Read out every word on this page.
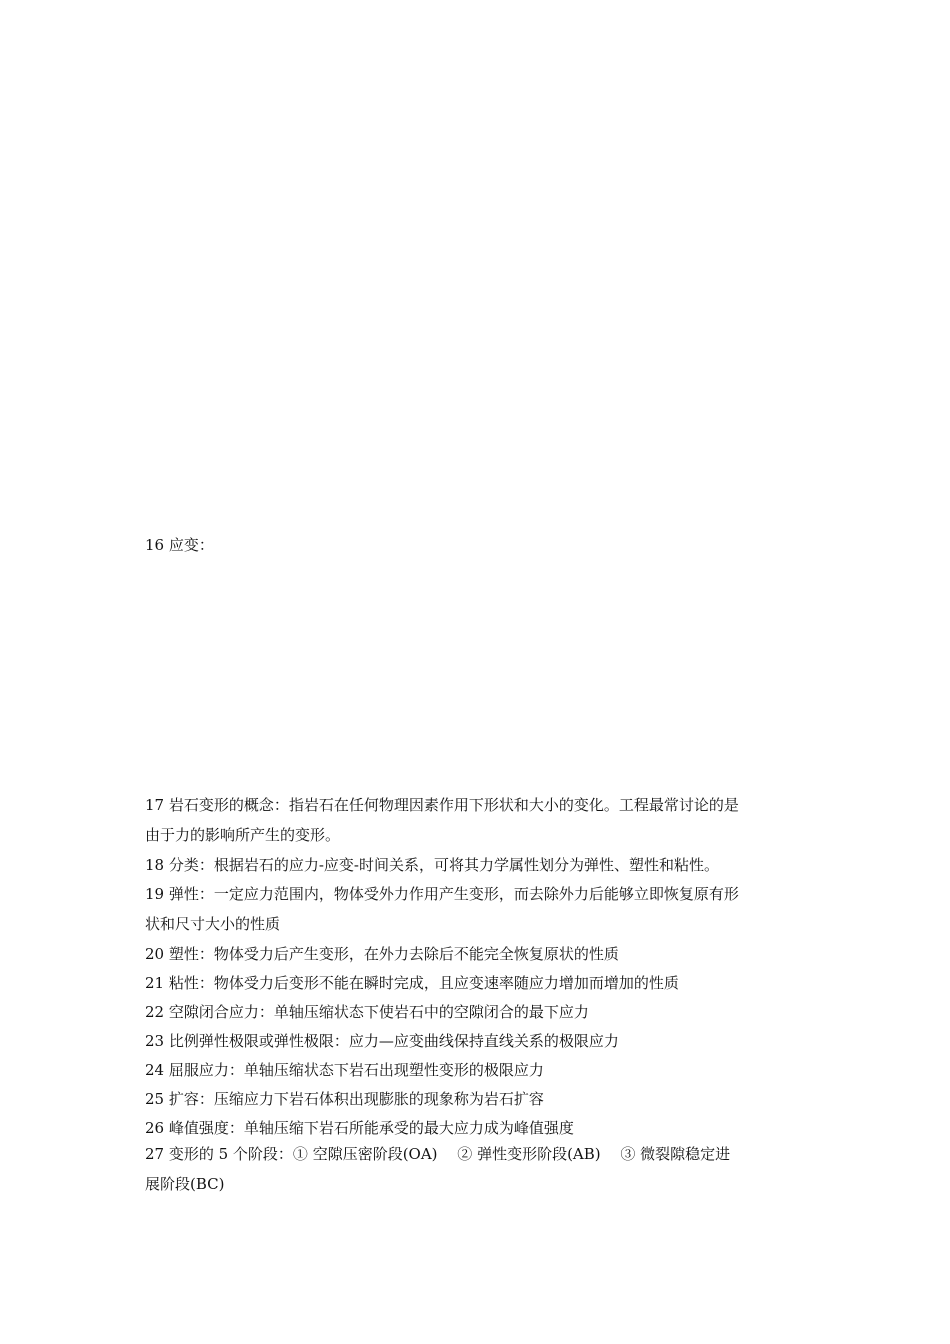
16 应变：
17 岩石变形的概念：指岩石在任何物理因素作用下形状和大小的变化。工程最常讨论的是
由于力的影响所产生的变形。
18 分类：根据岩石的应力-应变-时间关系，可将其力学属性划分为弹性、塑性和粘性。
19 弹性：一定应力范围内，物体受外力作用产生变形，而去除外力后能够立即恢复原有形
状和尺寸大小的性质
20 塑性：物体受力后产生变形，在外力去除后不能完全恢复原状的性质
21 粘性：物体受力后变形不能在瞬时完成，且应变速率随应力增加而增加的性质
22 空隙闭合应力：单轴压缩状态下使岩石中的空隙闭合的最下应力
23 比例弹性极限或弹性极限：应力—应变曲线保持直线关系的极限应力
24 屈服应力：单轴压缩状态下岩石出现塑性变形的极限应力
25 扩容：压缩应力下岩石体积出现膨胀的现象称为岩石扩容
26 峰值强度：单轴压缩下岩石所能承受的最大应力成为峰值强度
27 变形的 5 个阶段：① 空隙压密阶段(OA)　 ② 弹性变形阶段(AB)　 ③ 微裂隙稳定进
展阶段(BC)
